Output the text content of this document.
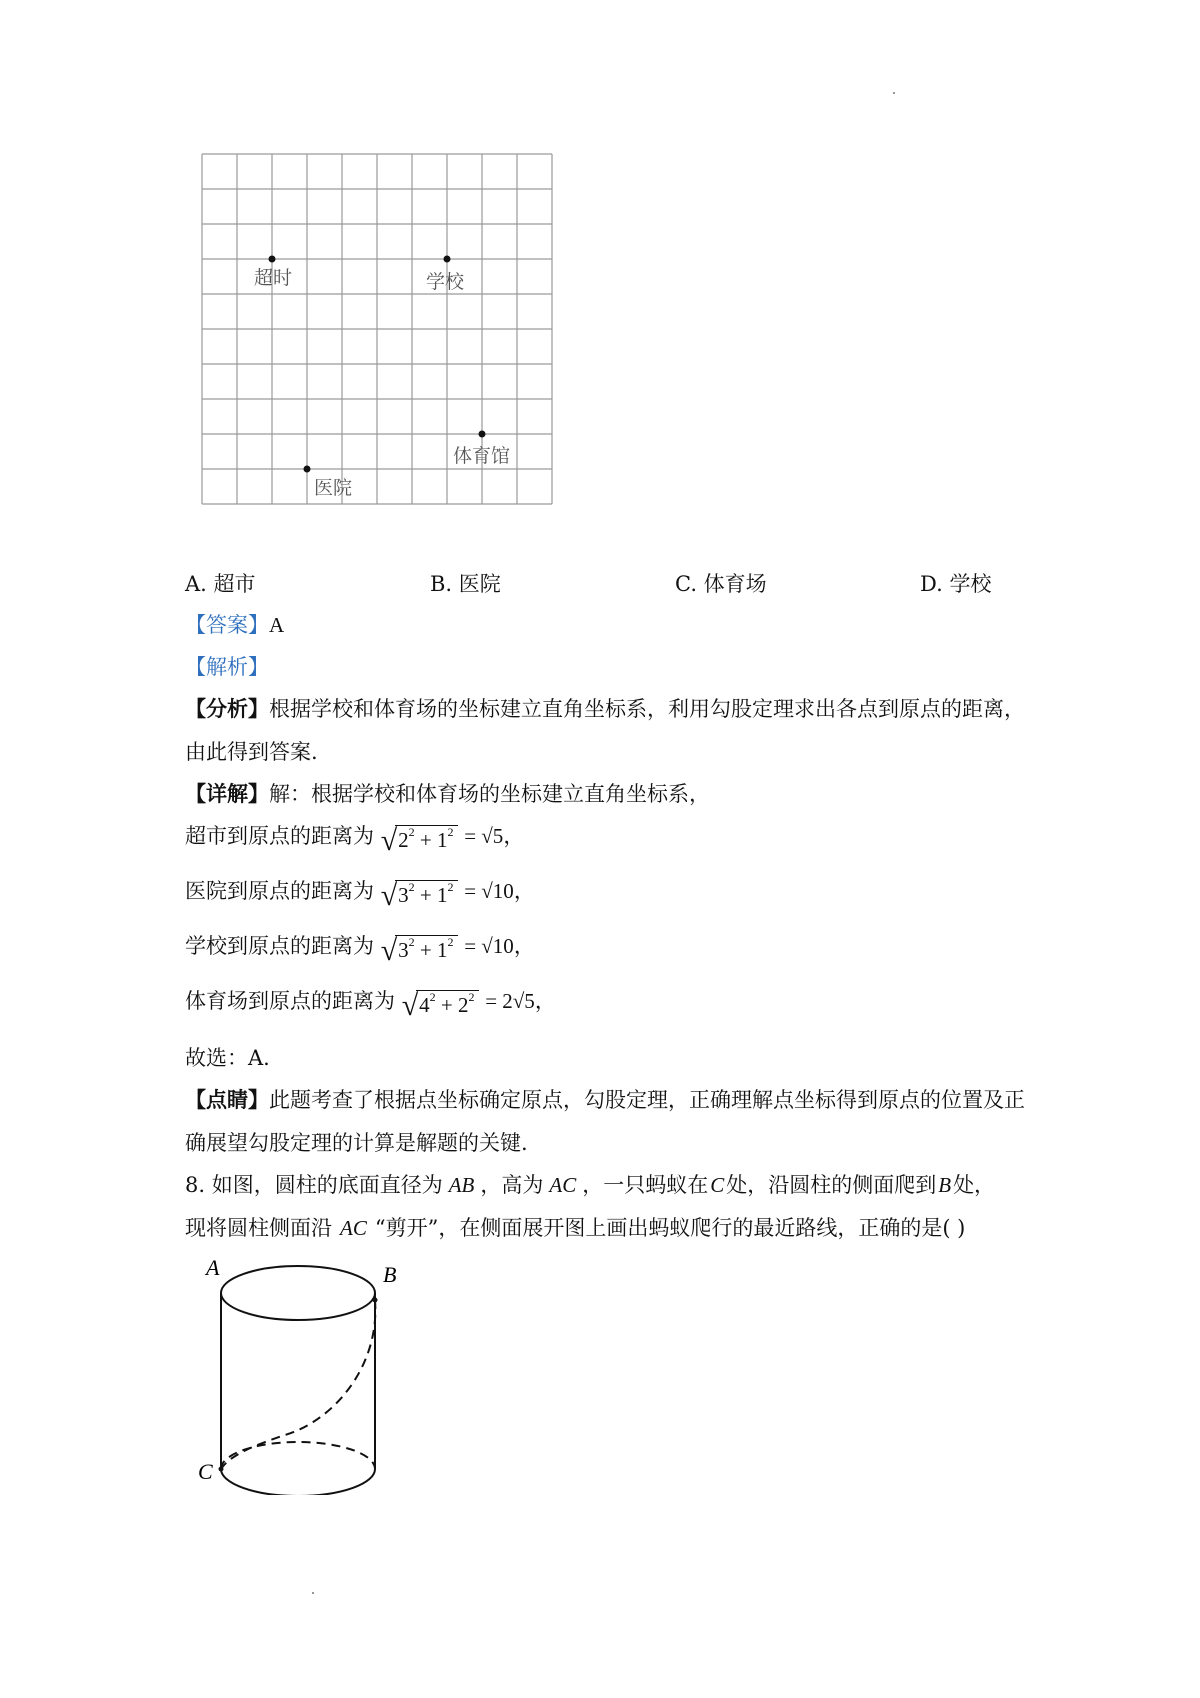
超时	学校
体育馆
医院
A. 超市	B. 医院	C. 体育场	D. 学校
【答案】A
【解析】
【分析】根据学校和体育场的坐标建立直角坐标系，利用勾股定理求出各点到原点的距离，
由此得到答案.
【详解】解：根据学校和体育场的坐标建立直角坐标系，
超市到原点的距离为 $√2^2 + 1^2 = √5$，
医院到原点的距离为 $√3^2 + 1^2 = √10$，
学校到原点的距离为 $√3^2 + 1^2 = √10$，
体育场到原点的距离为 $√4^2 + 2^2 = 2√5$，
故选：A.
【点睛】此题考查了根据点坐标确定原点，勾股定理，正确理解点坐标得到原点的位置及正
确展望勾股定理的计算是解题的关键.
8. 如图，圆柱的底面直径为 AB ，高为 AC ，一只蚂蚁在C处，沿圆柱的侧面爬到B处，
现将圆柱侧面沿 AC “剪开”，在侧面展开图上画出蚂蚁爬行的最近路线，正确的是( )
A	B
C
